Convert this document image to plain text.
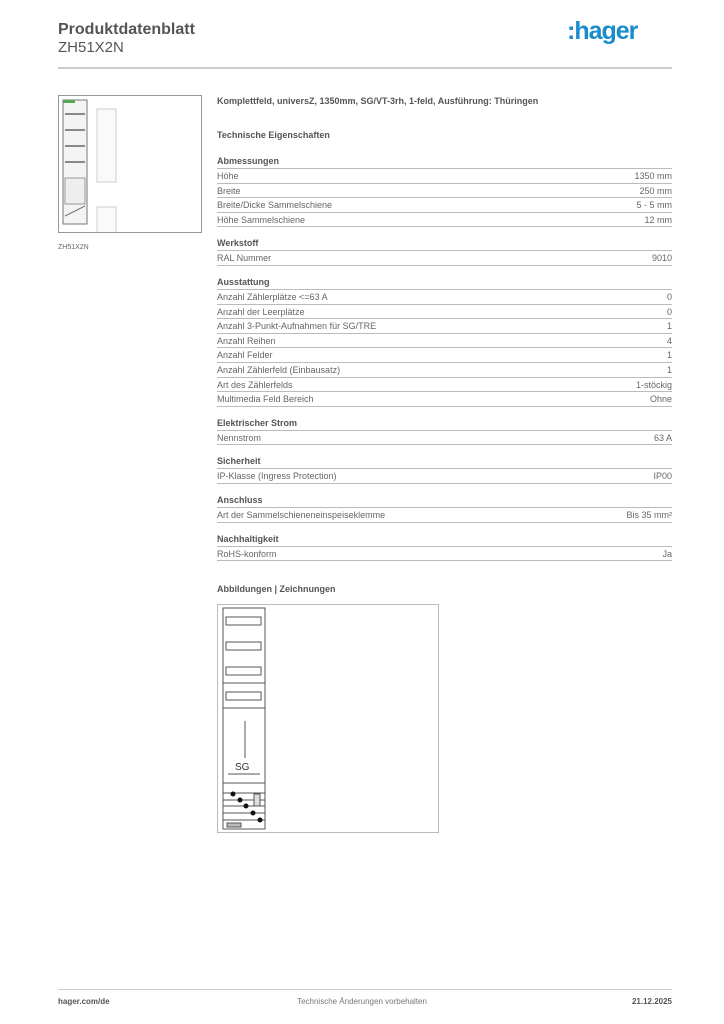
Produktdatenblatt
ZH51X2N
:hager
ZH51X2N
Komplettfeld, universZ, 1350mm, SG/VT-3rh, 1-feld, Ausführung: Thüringen
Technische Eigenschaften
Abmessungen
Höhe	1350 mm
Breite	250 mm
Breite/Dicke Sammelschiene	5 - 5 mm
Höhe Sammelschiene	12 mm
Werkstoff
RAL Nummer	9010
Ausstattung
Anzahl Zählerplätze <=63 A	0
Anzahl der Leerplätze	0
Anzahl 3-Punkt-Aufnahmen für SG/TRE	1
Anzahl Reihen	4
Anzahl Felder	1
Anzahl Zählerfeld (Einbausatz)	1
Art des Zählerfelds	1-stöckig
Multimedia Feld Bereich	Ohne
Elektrischer Strom
Nennstrom	63 A
Sicherheit
IP-Klasse (Ingress Protection)	IP00
Anschluss
Art der Sammelschieneneinspeiseklemme	Bis 35 mm²
Nachhaltigkeit
RoHS-konform	Ja
Abbildungen | Zeichnungen
SG
Technische Änderungen vorbehalten
hager.com/de	21.12.2025
